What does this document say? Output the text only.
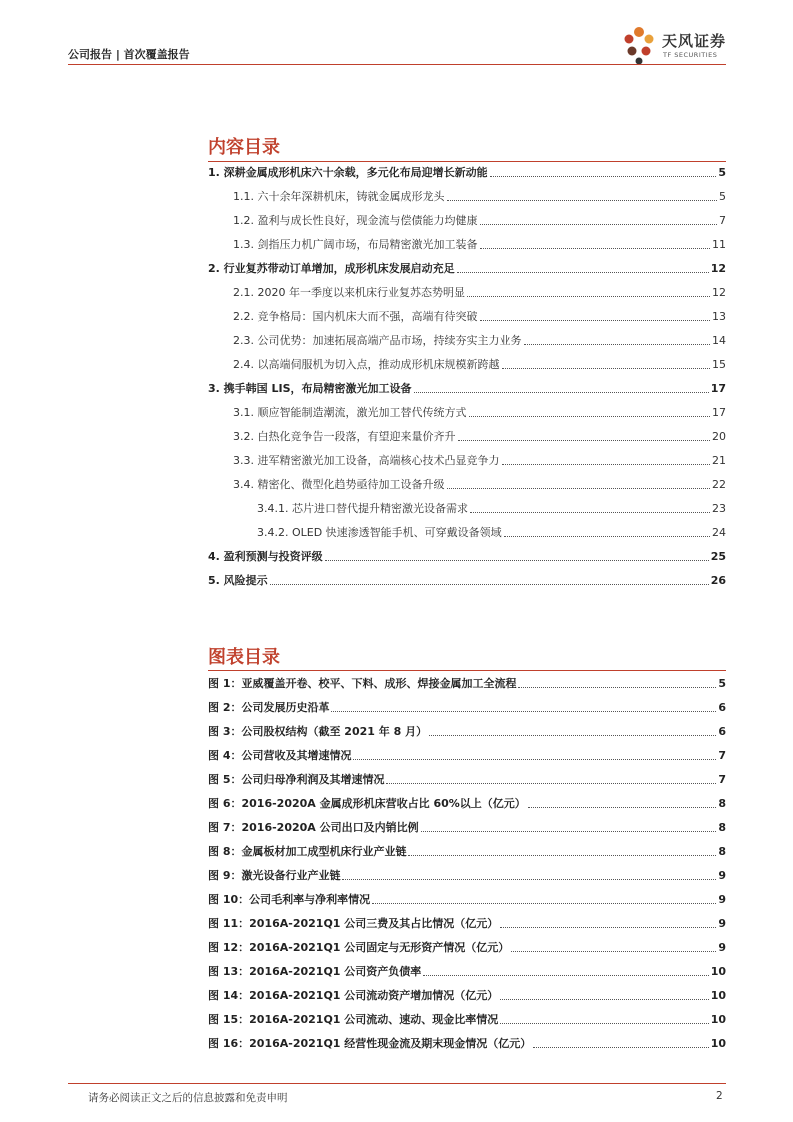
公司报告 | 首次覆盖报告
天风证券
TF SECURITIES
内容目录
1. 深耕金属成形机床六十余载，多元化布局迎增长新动能	5
1.1. 六十余年深耕机床，铸就金属成形龙头	5
1.2. 盈利与成长性良好，现金流与偿债能力均健康	7
1.3. 剑指压力机广阔市场，布局精密激光加工装备	11
2. 行业复苏带动订单增加，成形机床发展启动充足	12
2.1. 2020 年一季度以来机床行业复苏态势明显	12
2.2. 竞争格局：国内机床大而不强，高端有待突破	13
2.3. 公司优势：加速拓展高端产品市场，持续夯实主力业务	14
2.4. 以高端伺服机为切入点，推动成形机床规模新跨越	15
3. 携手韩国 LIS，布局精密激光加工设备	17
3.1. 顺应智能制造潮流，激光加工替代传统方式	17
3.2. 白热化竞争告一段落，有望迎来量价齐升	20
3.3. 进军精密激光加工设备，高端核心技术凸显竞争力	21
3.4. 精密化、微型化趋势亟待加工设备升级	22
3.4.1. 芯片进口替代提升精密激光设备需求	23
3.4.2. OLED 快速渗透智能手机、可穿戴设备领域	24
4. 盈利预测与投资评级	25
5. 风险提示	26
图表目录
图 1：亚威覆盖开卷、校平、下料、成形、焊接金属加工全流程	5
图 2：公司发展历史沿革	6
图 3：公司股权结构（截至 2021 年 8 月）	6
图 4：公司营收及其增速情况	7
图 5：公司归母净利润及其增速情况	7
图 6：2016-2020A 金属成形机床营收占比 60%以上（亿元）	8
图 7：2016-2020A 公司出口及内销比例	8
图 8：金属板材加工成型机床行业产业链	8
图 9：激光设备行业产业链	9
图 10：公司毛利率与净利率情况	9
图 11：2016A-2021Q1 公司三费及其占比情况（亿元）	9
图 12：2016A-2021Q1 公司固定与无形资产情况（亿元）	9
图 13：2016A-2021Q1 公司资产负债率	10
图 14：2016A-2021Q1 公司流动资产增加情况（亿元）	10
图 15：2016A-2021Q1 公司流动、速动、现金比率情况	10
图 16：2016A-2021Q1 经营性现金流及期末现金情况（亿元）	10
请务必阅读正文之后的信息披露和免责申明	2
